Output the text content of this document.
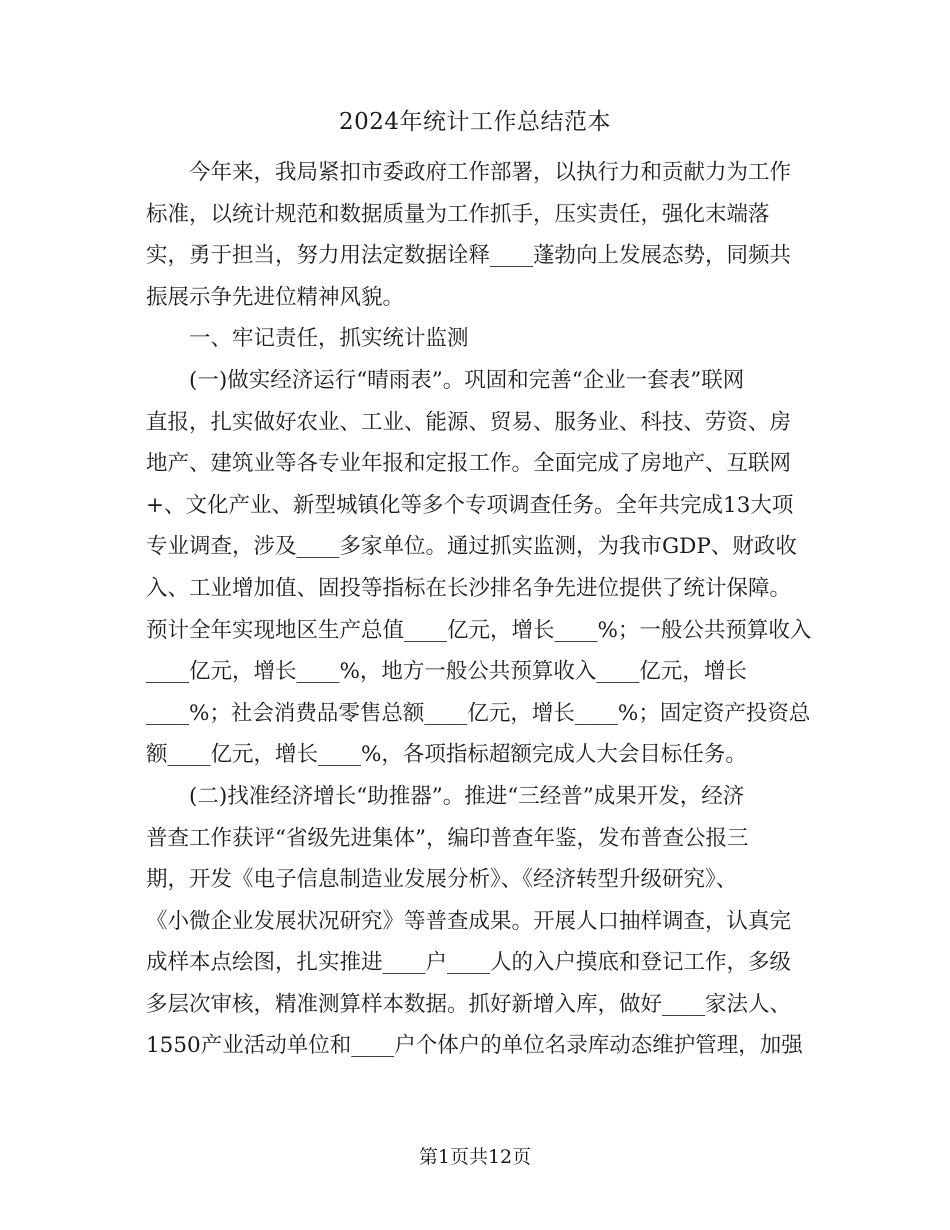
2024年统计工作总结范本
今年来，我局紧扣市委政府工作部署，以执行力和贡献力为工作
标准，以统计规范和数据质量为工作抓手，压实责任，强化末端落
实，勇于担当，努力用法定数据诠释____蓬勃向上发展态势，同频共
振展示争先进位精神风貌。
一、牢记责任，抓实统计监测
(一)做实经济运行“晴雨表”。巩固和完善“企业一套表”联网
直报，扎实做好农业、工业、能源、贸易、服务业、科技、劳资、房
地产、建筑业等各专业年报和定报工作。全面完成了房地产、互联网
+、文化产业、新型城镇化等多个专项调查任务。全年共完成13大项
专业调查，涉及____多家单位。通过抓实监测，为我市GDP、财政收
入、工业增加值、固投等指标在长沙排名争先进位提供了统计保障。
预计全年实现地区生产总值____亿元，增长____%；一般公共预算收入
____亿元，增长____%，地方一般公共预算收入____亿元，增长
____%；社会消费品零售总额____亿元，增长____%；固定资产投资总
额____亿元，增长____%，各项指标超额完成人大会目标任务。
(二)找准经济增长“助推器”。推进“三经普”成果开发，经济
普查工作获评“省级先进集体”，编印普查年鉴，发布普查公报三
期，开发《电子信息制造业发展分析》、《经济转型升级研究》、
《小微企业发展状况研究》等普查成果。开展人口抽样调查，认真完
成样本点绘图，扎实推进____户____人的入户摸底和登记工作，多级
多层次审核，精准测算样本数据。抓好新增入库，做好____家法人、
1550产业活动单位和____户个体户的单位名录库动态维护管理，加强
第1页共12页
